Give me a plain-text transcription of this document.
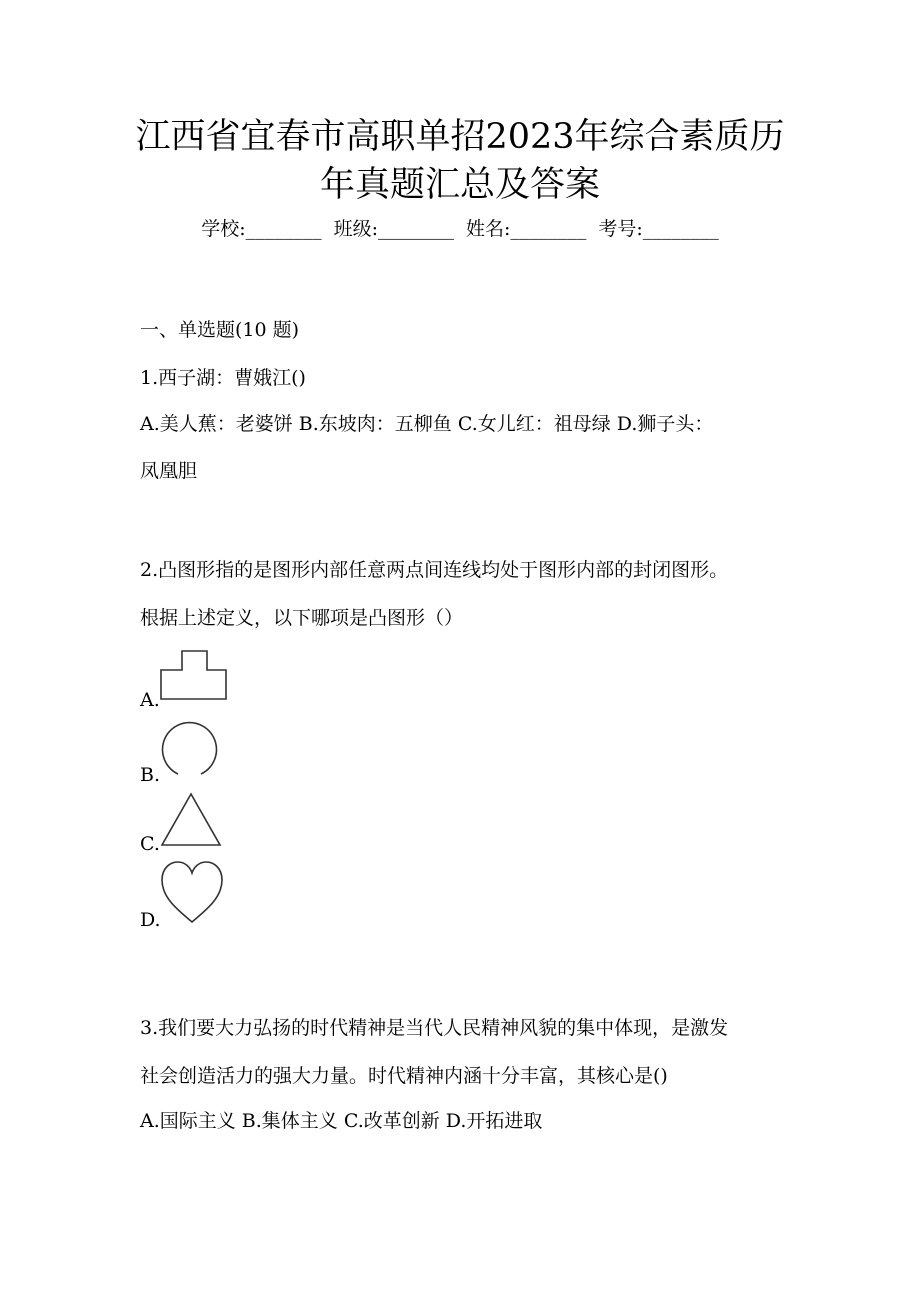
江西省宜春市高职单招2023年综合素质历
年真题汇总及答案
学校:________ 班级:________ 姓名:________ 考号:________
一、单选题(10 题)
1.西子湖：曹娥江()
A.美人蕉：老婆饼 B.东坡肉：五柳鱼 C.女儿红：祖母绿 D.狮子头：
凤凰胆
2.凸图形指的是图形内部任意两点间连线均处于图形内部的封闭图形。
根据上述定义，以下哪项是凸图形（）
A.
B.
C.
D.
3.我们要大力弘扬的时代精神是当代人民精神风貌的集中体现，是激发
社会创造活力的强大力量。时代精神内涵十分丰富，其核心是()
A.国际主义 B.集体主义 C.改革创新 D.开拓进取
